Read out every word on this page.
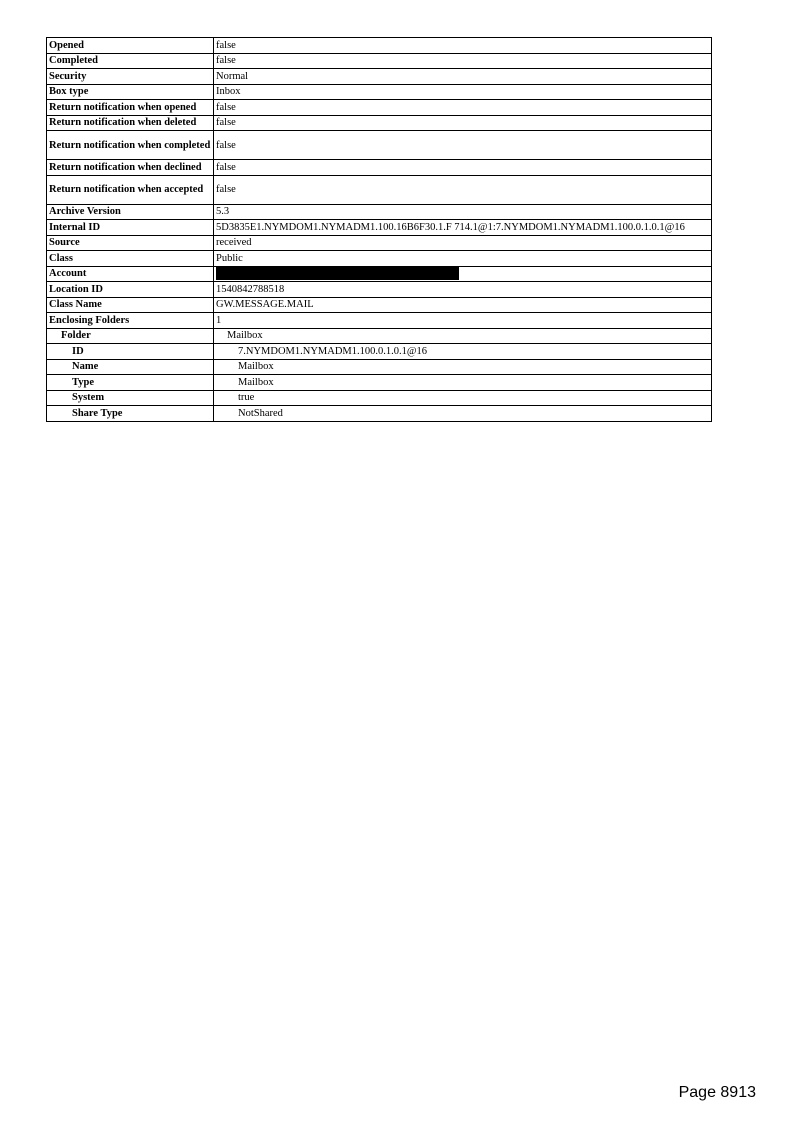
Opened	false
Completed	false
Security	Normal
Box type	Inbox
Return notification when opened	false
Return notification when deleted	false
Return notification when completed	false
Return notification when declined	false
Return notification when accepted	false
Archive Version	5.3
Internal ID	5D3835E1.NYMDOM1.NYMADM1.100.16B6F30.1.F 714.1@1:7.NYMDOM1.NYMADM1.100.0.1.0.1@16
Source	received
Class	Public
Account	
Location ID	1540842788518
Class Name	GW.MESSAGE.MAIL
Enclosing Folders	1
Folder	Mailbox
ID	7.NYMDOM1.NYMADM1.100.0.1.0.1@16
Name	Mailbox
Type	Mailbox
System	true
Share Type	NotShared
Page 8913
